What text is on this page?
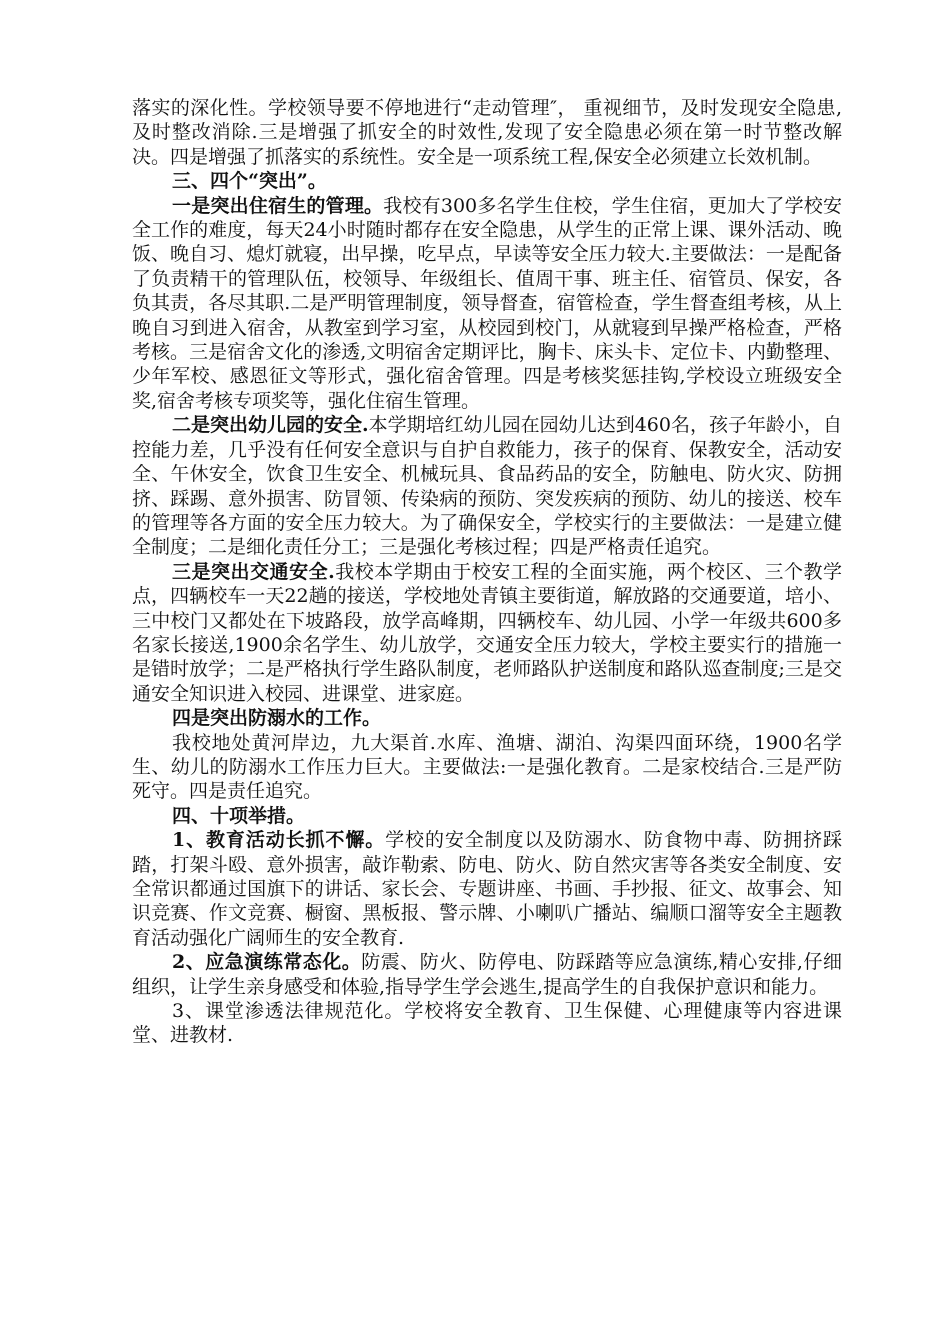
落实的深化性。学校领导要不停地进行“走动管理″， 重视细节，及时发现安全隐患,及时整改消除.三是增强了抓安全的时效性,发现了安全隐患必须在第一时节整改解决。四是增强了抓落实的系统性。安全是一项系统工程,保安全必须建立长效机制。

三、四个“突出”。

一是突出住宿生的管理。我校有300多名学生住校，学生住宿，更加大了学校安全工作的难度，每天24小时随时都存在安全隐患，从学生的正常上课、课外活动、晚饭、晚自习、熄灯就寝，出早操，吃早点，早读等安全压力较大.主要做法：一是配备了负责精干的管理队伍，校领导、年级组长、值周干事、班主任、宿管员、保安，各负其责，各尽其职.二是严明管理制度，领导督查，宿管检查，学生督查组考核，从上晚自习到进入宿舍，从教室到学习室，从校园到校门，从就寝到早操严格检查，严格考核。三是宿舍文化的渗透,文明宿舍定期评比，胸卡、床头卡、定位卡、内勤整理、少年军校、感恩征文等形式，强化宿舍管理。四是考核奖惩挂钩,学校设立班级安全奖,宿舍考核专项奖等，强化住宿生管理。

二是突出幼儿园的安全.本学期培红幼儿园在园幼儿达到460名，孩子年龄小，自控能力差，几乎没有任何安全意识与自护自救能力，孩子的保育、保教安全，活动安全、午休安全，饮食卫生安全、机械玩具、食品药品的安全，防触电、防火灾、防拥挤、踩踢、意外损害、防冒领、传染病的预防、突发疾病的预防、幼儿的接送、校车的管理等各方面的安全压力较大。为了确保安全，学校实行的主要做法：一是建立健全制度；二是细化责任分工；三是强化考核过程；四是严格责任追究。

三是突出交通安全.我校本学期由于校安工程的全面实施，两个校区、三个教学点，四辆校车一天22趟的接送，学校地处青镇主要街道，解放路的交通要道，培小、三中校门又都处在下坡路段，放学高峰期，四辆校车、幼儿园、小学一年级共600多名家长接送,1900余名学生、幼儿放学，交通安全压力较大，学校主要实行的措施一是错时放学；二是严格执行学生路队制度，老师路队护送制度和路队巡查制度;三是交通安全知识进入校园、进课堂、进家庭。

四是突出防溺水的工作。

我校地处黄河岸边，九大渠首.水库、渔塘、湖泊、沟渠四面环绕，1900名学生、幼儿的防溺水工作压力巨大。主要做法:一是强化教育。二是家校结合.三是严防死守。四是责任追究。

四、十项举措。

1、教育活动长抓不懈。学校的安全制度以及防溺水、防食物中毒、防拥挤踩踏，打架斗殴、意外损害，敲诈勒索、防电、防火、防自然灾害等各类安全制度、安全常识都通过国旗下的讲话、家长会、专题讲座、书画、手抄报、征文、故事会、知识竞赛、作文竞赛、橱窗、黑板报、警示牌、小喇叭广播站、编顺口溜等安全主题教育活动强化广阔师生的安全教育.

2、应急演练常态化。防震、防火、防停电、防踩踏等应急演练,精心安排,仔细组织，让学生亲身感受和体验,指导学生学会逃生,提高学生的自我保护意识和能力。

3、课堂渗透法律规范化。学校将安全教育、卫生保健、心理健康等内容进课堂、进教材.
